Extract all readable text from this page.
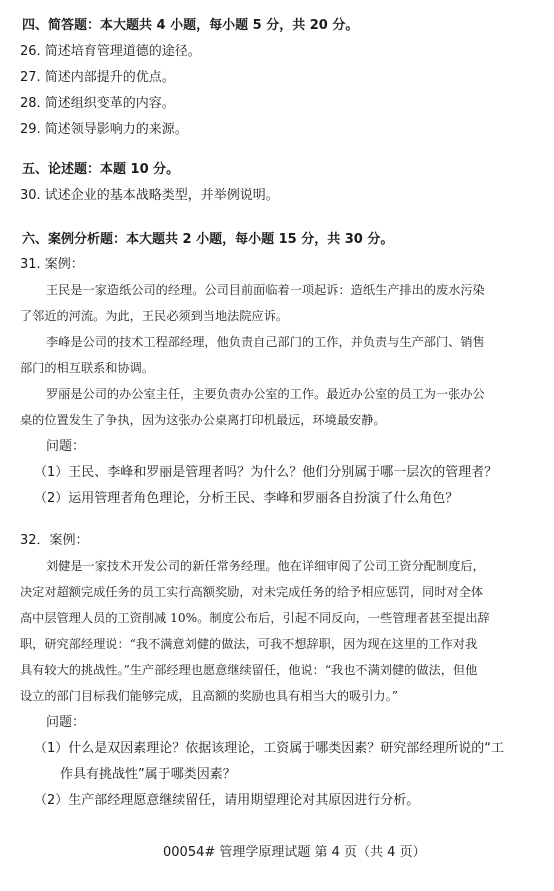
四、简答题：本大题共 4 小题，每小题 5 分，共 20 分。
26. 简述培育管理道德的途径。
27. 简述内部提升的优点。
28. 简述组织变革的内容。
29. 简述领导影响力的来源。
五、论述题：本题 10 分。
30. 试述企业的基本战略类型，并举例说明。
六、案例分析题：本大题共 2 小题，每小题 15 分，共 30 分。
31. 案例：
王民是一家造纸公司的经理。公司目前面临着一项起诉：造纸生产排出的废水污染
了邻近的河流。为此，王民必须到当地法院应诉。
李峰是公司的技术工程部经理，他负责自己部门的工作，并负责与生产部门、销售
部门的相互联系和协调。
罗丽是公司的办公室主任，主要负责办公室的工作。最近办公室的员工为一张办公
桌的位置发生了争执，因为这张办公桌离打印机最远，环境最安静。
问题：
（1）王民、李峰和罗丽是管理者吗？为什么？他们分别属于哪一层次的管理者？
（2）运用管理者角色理论，分析王民、李峰和罗丽各自扮演了什么角色？
32．案例：
刘健是一家技术开发公司的新任常务经理。他在详细审阅了公司工资分配制度后，
决定对超额完成任务的员工实行高额奖励，对未完成任务的给予相应惩罚，同时对全体
高中层管理人员的工资削减 10%。制度公布后，引起不同反向，一些管理者甚至提出辞
职，研究部经理说：“我不满意刘健的做法，可我不想辞职，因为现在这里的工作对我
具有较大的挑战性。”生产部经理也愿意继续留任，他说：“我也不满刘健的做法，但他
设立的部门目标我们能够完成，且高额的奖励也具有相当大的吸引力。”
问题：
（1）什么是双因素理论？依据该理论，工资属于哪类因素？研究部经理所说的“工
作具有挑战性”属于哪类因素？
（2）生产部经理愿意继续留任，请用期望理论对其原因进行分析。
00054# 管理学原理试题 第 4 页（共 4 页）
